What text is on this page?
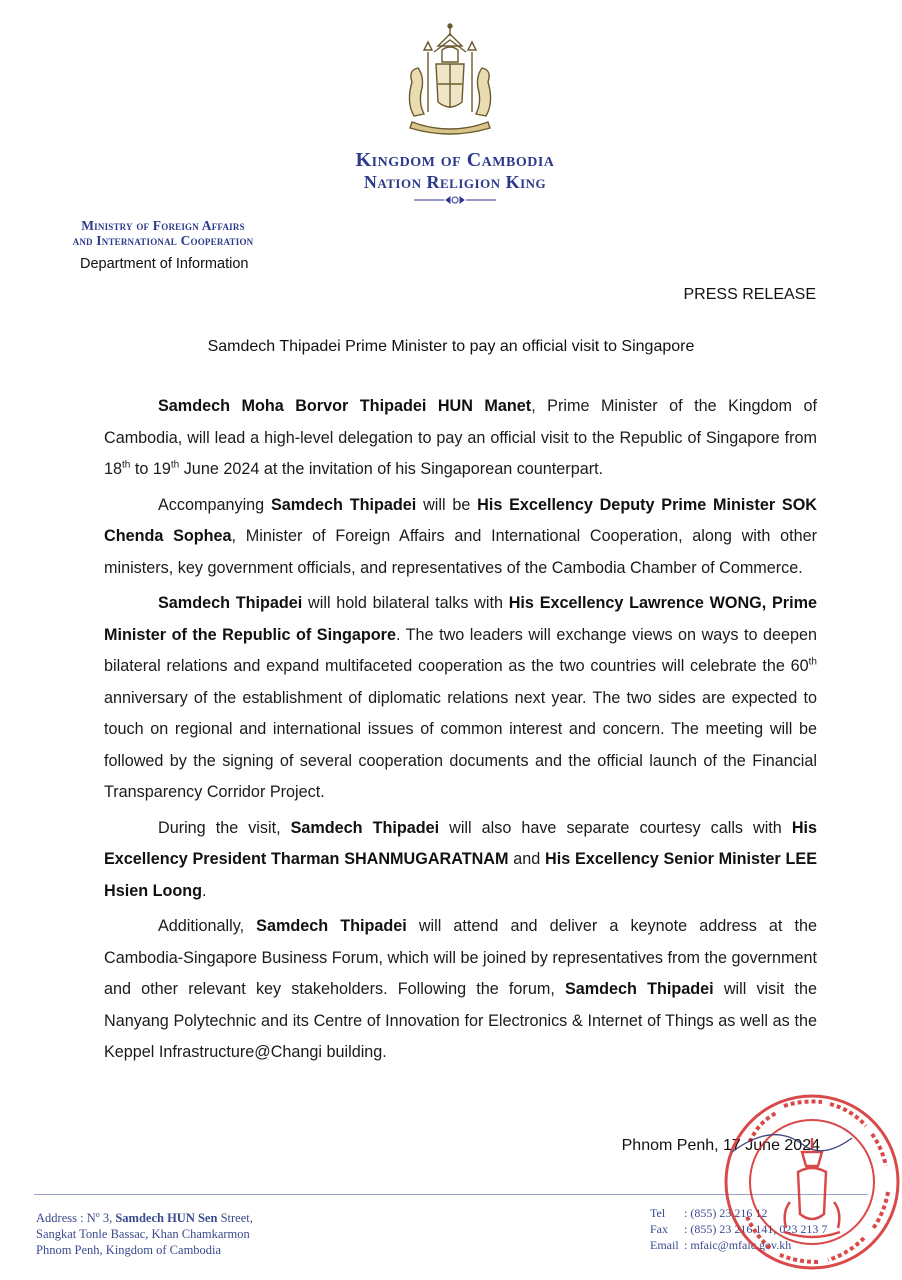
Kingdom of Cambodia
Nation Religion King
Ministry of Foreign Affairs
and International Cooperation
Department of Information
PRESS RELEASE
Samdech Thipadei Prime Minister to pay an official visit to Singapore

Samdech Moha Borvor Thipadei HUN Manet, Prime Minister of the Kingdom of Cambodia, will lead a high-level delegation to pay an official visit to the Republic of Singapore from 18th to 19th June 2024 at the invitation of his Singaporean counterpart.

Accompanying Samdech Thipadei will be His Excellency Deputy Prime Minister SOK Chenda Sophea, Minister of Foreign Affairs and International Cooperation, along with other ministers, key government officials, and representatives of the Cambodia Chamber of Commerce.

Samdech Thipadei will hold bilateral talks with His Excellency Lawrence WONG, Prime Minister of the Republic of Singapore. The two leaders will exchange views on ways to deepen bilateral relations and expand multifaceted cooperation as the two countries will celebrate the 60th anniversary of the establishment of diplomatic relations next year. The two sides are expected to touch on regional and international issues of common interest and concern. The meeting will be followed by the signing of several cooperation documents and the official launch of the Financial Transparency Corridor Project.

During the visit, Samdech Thipadei will also have separate courtesy calls with His Excellency President Tharman SHANMUGARATNAM and His Excellency Senior Minister LEE Hsien Loong.

Additionally, Samdech Thipadei will attend and deliver a keynote address at the Cambodia-Singapore Business Forum, which will be joined by representatives from the government and other relevant key stakeholders. Following the forum, Samdech Thipadei will visit the Nanyang Polytechnic and its Centre of Innovation for Electronics & Internet of Things as well as the Keppel Infrastructure@Changi building.

Phnom Penh, 17 June 2024
Address : $N^o$ 3, Samdech HUN Sen Street,
Sangkat Tonle Bassac, Khan Chamkarmon
Phnom Penh, Kingdom of Cambodia
Tel : (855) 23 216 12
Fax : (855) 23 216 141, 023 213 7
Email : mfaic@mfaic.gov.kh
